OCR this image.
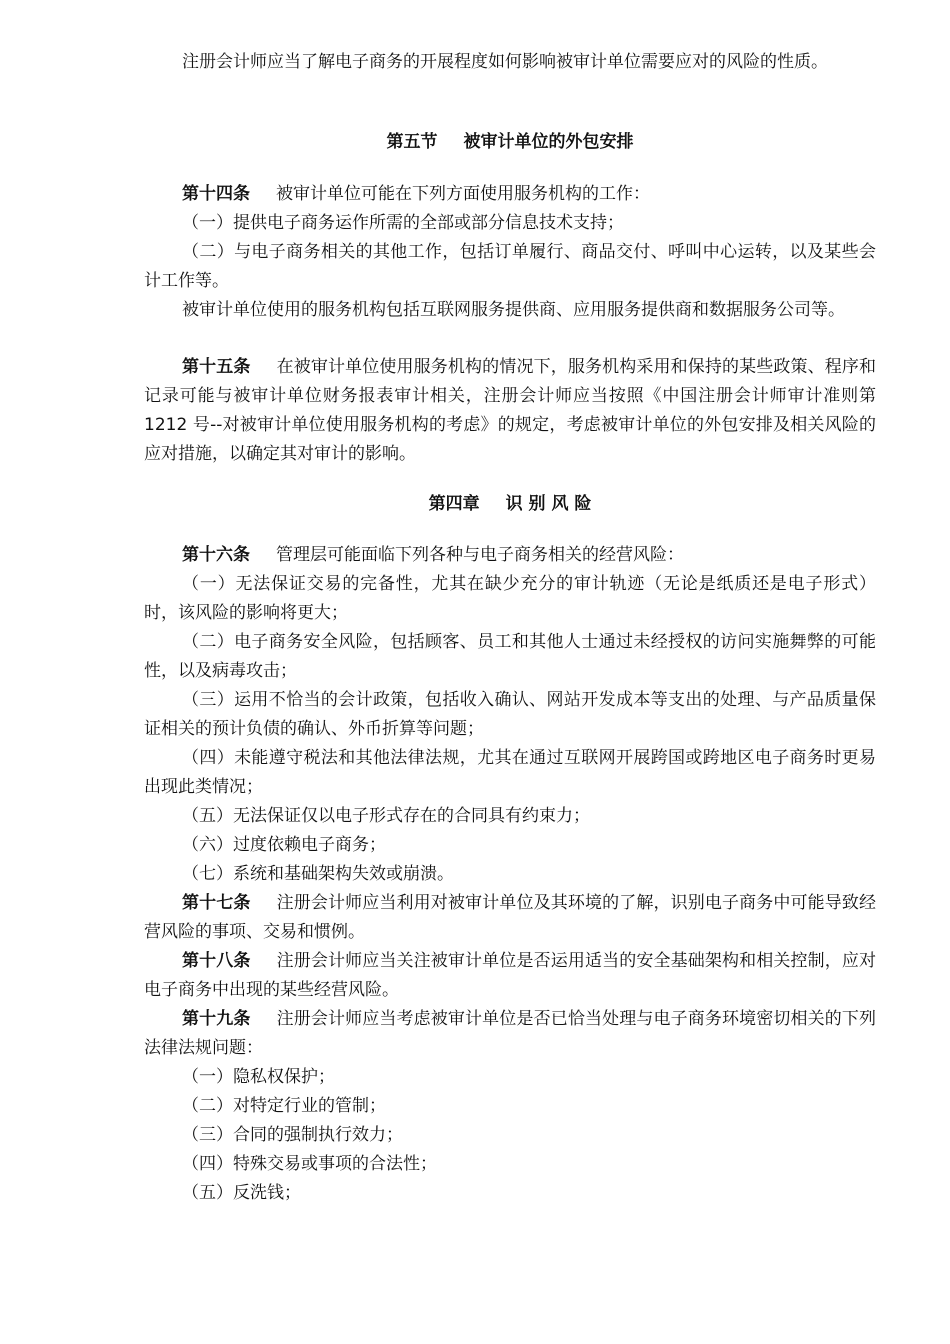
注册会计师应当了解电子商务的开展程度如何影响被审计单位需要应对的风险的性质。
第五节 被审计单位的外包安排
第十四条 被审计单位可能在下列方面使用服务机构的工作：
（一）提供电子商务运作所需的全部或部分信息技术支持；
（二）与电子商务相关的其他工作，包括订单履行、商品交付、呼叫中心运转，以及某些会计工作等。
被审计单位使用的服务机构包括互联网服务提供商、应用服务提供商和数据服务公司等。
第十五条 在被审计单位使用服务机构的情况下，服务机构采用和保持的某些政策、程序和记录可能与被审计单位财务报表审计相关，注册会计师应当按照《中国注册会计师审计准则第 1212 号--对被审计单位使用服务机构的考虑》的规定，考虑被审计单位的外包安排及相关风险的应对措施，以确定其对审计的影响。
第四章 识 别 风 险
第十六条 管理层可能面临下列各种与电子商务相关的经营风险：
（一）无法保证交易的完备性，尤其在缺少充分的审计轨迹（无论是纸质还是电子形式）时，该风险的影响将更大；
（二）电子商务安全风险，包括顾客、员工和其他人士通过未经授权的访问实施舞弊的可能性，以及病毒攻击；
（三）运用不恰当的会计政策，包括收入确认、网站开发成本等支出的处理、与产品质量保证相关的预计负债的确认、外币折算等问题；
（四）未能遵守税法和其他法律法规，尤其在通过互联网开展跨国或跨地区电子商务时更易出现此类情况；
（五）无法保证仅以电子形式存在的合同具有约束力；
（六）过度依赖电子商务；
（七）系统和基础架构失效或崩溃。
第十七条 注册会计师应当利用对被审计单位及其环境的了解，识别电子商务中可能导致经营风险的事项、交易和惯例。
第十八条 注册会计师应当关注被审计单位是否运用适当的安全基础架构和相关控制，应对电子商务中出现的某些经营风险。
第十九条 注册会计师应当考虑被审计单位是否已恰当处理与电子商务环境密切相关的下列法律法规问题：
（一）隐私权保护；
（二）对特定行业的管制；
（三）合同的强制执行效力；
（四）特殊交易或事项的合法性；
（五）反洗钱；
